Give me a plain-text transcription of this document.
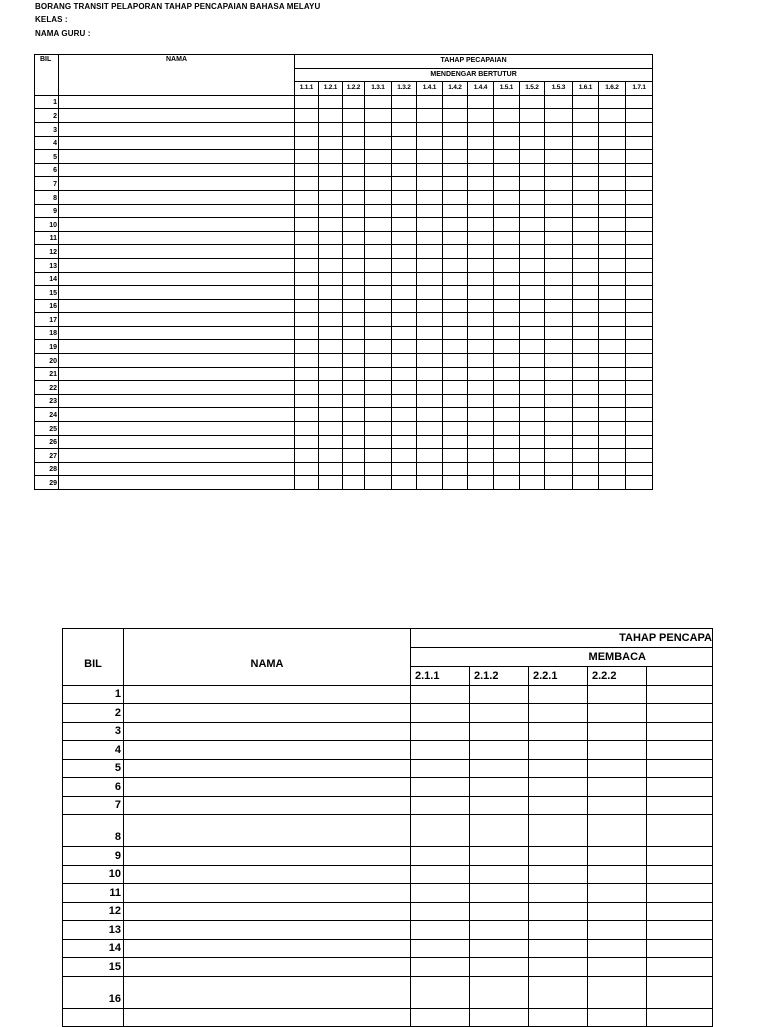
BORANG TRANSIT PELAPORAN TAHAP PENCAPAIAN BAHASA MELAYU
KELAS :
NAMA GURU :
BIL	NAMA	TAHAP PECAPAIAN													
		MENDENGAR BERTUTUR													
		1.1.1	1.2.1	1.2.2	1.3.1	1.3.2	1.4.1	1.4.2	1.4.4	1.5.1	1.5.2	1.5.3	1.6.1	1.6.2	1.7.1
1															
2															
3															
4															
5															
6															
7															
8															
9															
10															
11															
12															
13															
14															
15															
16															
17															
18															
19															
20															
21															
22															
23															
24															
25															
26															
27															
28															
29															
BIL	NAMA	TAHAP PENCAPA				
		MEMBACA				
		2.1.1	2.1.2	2.2.1	2.2.2	
1						
2						
3						
4						
5						
6						
7						
8						
9						
10						
11						
12						
13						
14						
15						
16						
